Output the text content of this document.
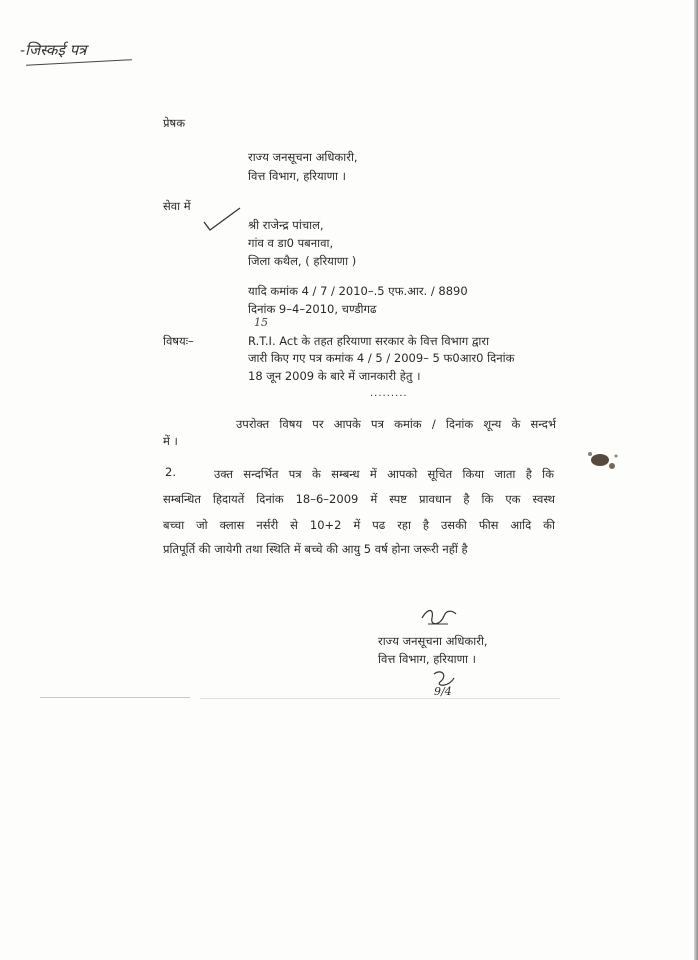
-जिस्कई पत्र
प्रेषक
राज्य जनसूचना अधिकारी,
वित्त विभाग, हरियाणा ।
सेवा में
श्री राजेन्द्र पांचाल,
गांव व डा0 पबनावा,
जिला कथैल, ( हरियाणा )
यादि कमांक 4 / 7 / 2010–.5 एफ.आर. / 8890
दिनांक 9–4–2010, चण्डीगढ
15
विषयः–	R.T.I. Act के तहत हरियाणा सरकार के वित्त विभाग द्वारा
जारी किए गए पत्र कमांक 4 / 5 / 2009– 5 फ0आर0 दिनांक
18 जून 2009 के बारे में जानकारी हेतु ।
.........
उपरोक्त विषय पर आपके पत्र कमांक / दिनांक शून्य के सन्दर्भ
में ।
2.	उक्त सन्दर्भित पत्र के सम्बन्ध में आपको सूचित किया जाता है कि
सम्बन्धित हिदायतें दिनांक 18–6–2009 में स्पष्ट प्रावधान है कि एक स्वस्थ
बच्चा जो क्लास नर्सरी से 10+2 में पढ रहा है उसकी फीस आदि की
प्रतिपूर्ति की जायेगी तथा स्थिति में बच्चे की आयु 5 वर्ष होना जरूरी नहीं है
राज्य जनसूचना अधिकारी,
वित्त विभाग, हरियाणा ।
9/4
